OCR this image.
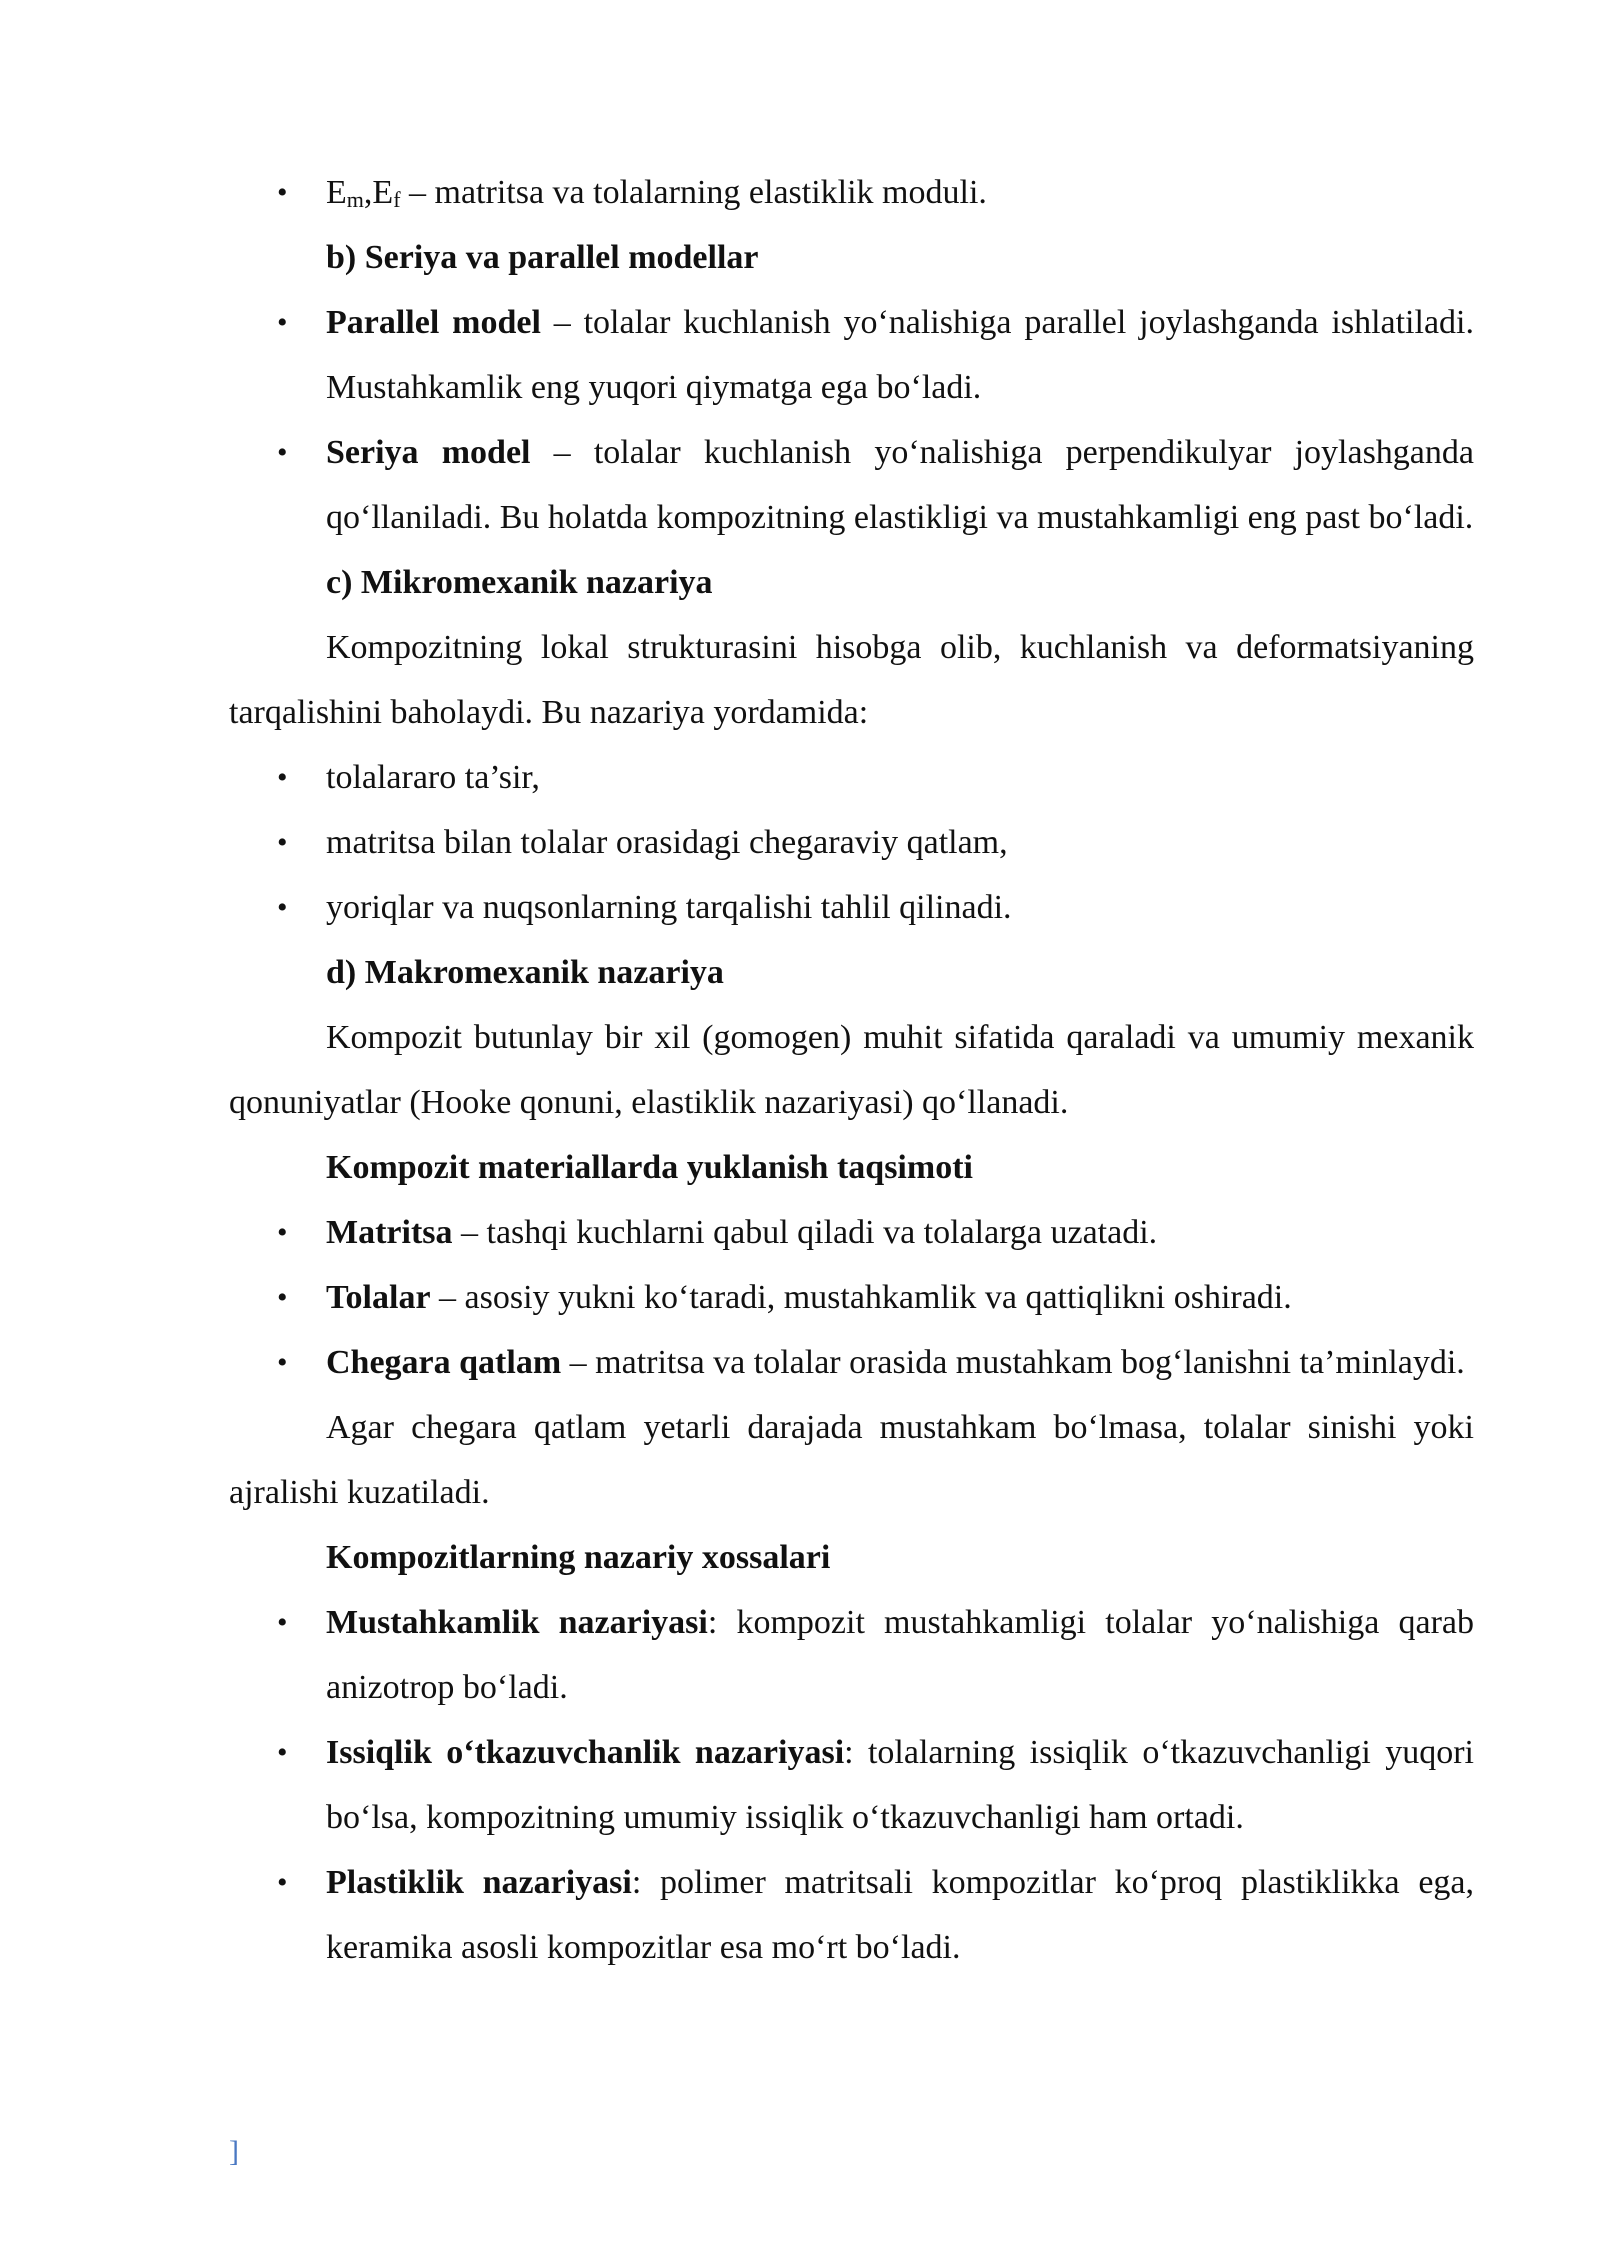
• $E_m,E_f$ – matritsa va tolalarning elastiklik moduli.
b) Seriya va parallel modellar
• Parallel model – tolalar kuchlanish yo‘nalishiga parallel joylashganda ishlatiladi. Mustahkamlik eng yuqori qiymatga ega bo‘ladi.
• Seriya model – tolalar kuchlanish yo‘nalishiga perpendikulyar joylashganda qo‘llaniladi. Bu holatda kompozitning elastikligi va mustahkamligi eng past bo‘ladi.
c) Mikromexanik nazariya
Kompozitning lokal strukturasini hisobga olib, kuchlanish va deformatsiyaning tarqalishini baholaydi. Bu nazariya yordamida:
• tolalararo ta’sir,
• matritsa bilan tolalar orasidagi chegaraviy qatlam,
• yoriqlar va nuqsonlarning tarqalishi tahlil qilinadi.
d) Makromexanik nazariya
Kompozit butunlay bir xil (gomogen) muhit sifatida qaraladi va umumiy mexanik qonuniyatlar (Hooke qonuni, elastiklik nazariyasi) qo‘llanadi.
Kompozit materiallarda yuklanish taqsimoti
• Matritsa – tashqi kuchlarni qabul qiladi va tolalarga uzatadi.
• Tolalar – asosiy yukni ko‘taradi, mustahkamlik va qattiqlikni oshiradi.
• Chegara qatlam – matritsa va tolalar orasida mustahkam bog‘lanishni ta’minlaydi.
Agar chegara qatlam yetarli darajada mustahkam bo‘lmasa, tolalar sinishi yoki ajralishi kuzatiladi.
Kompozitlarning nazariy xossalari
• Mustahkamlik nazariyasi: kompozit mustahkamligi tolalar yo‘nalishiga qarab anizotrop bo‘ladi.
• Issiqlik o‘tkazuvchanlik nazariyasi: tolalarning issiqlik o‘tkazuvchanligi yuqori bo‘lsa, kompozitning umumiy issiqlik o‘tkazuvchanligi ham ortadi.
• Plastiklik nazariyasi: polimer matritsali kompozitlar ko‘proq plastiklikka ega, keramika asosli kompozitlar esa mo‘rt bo‘ladi.
]
